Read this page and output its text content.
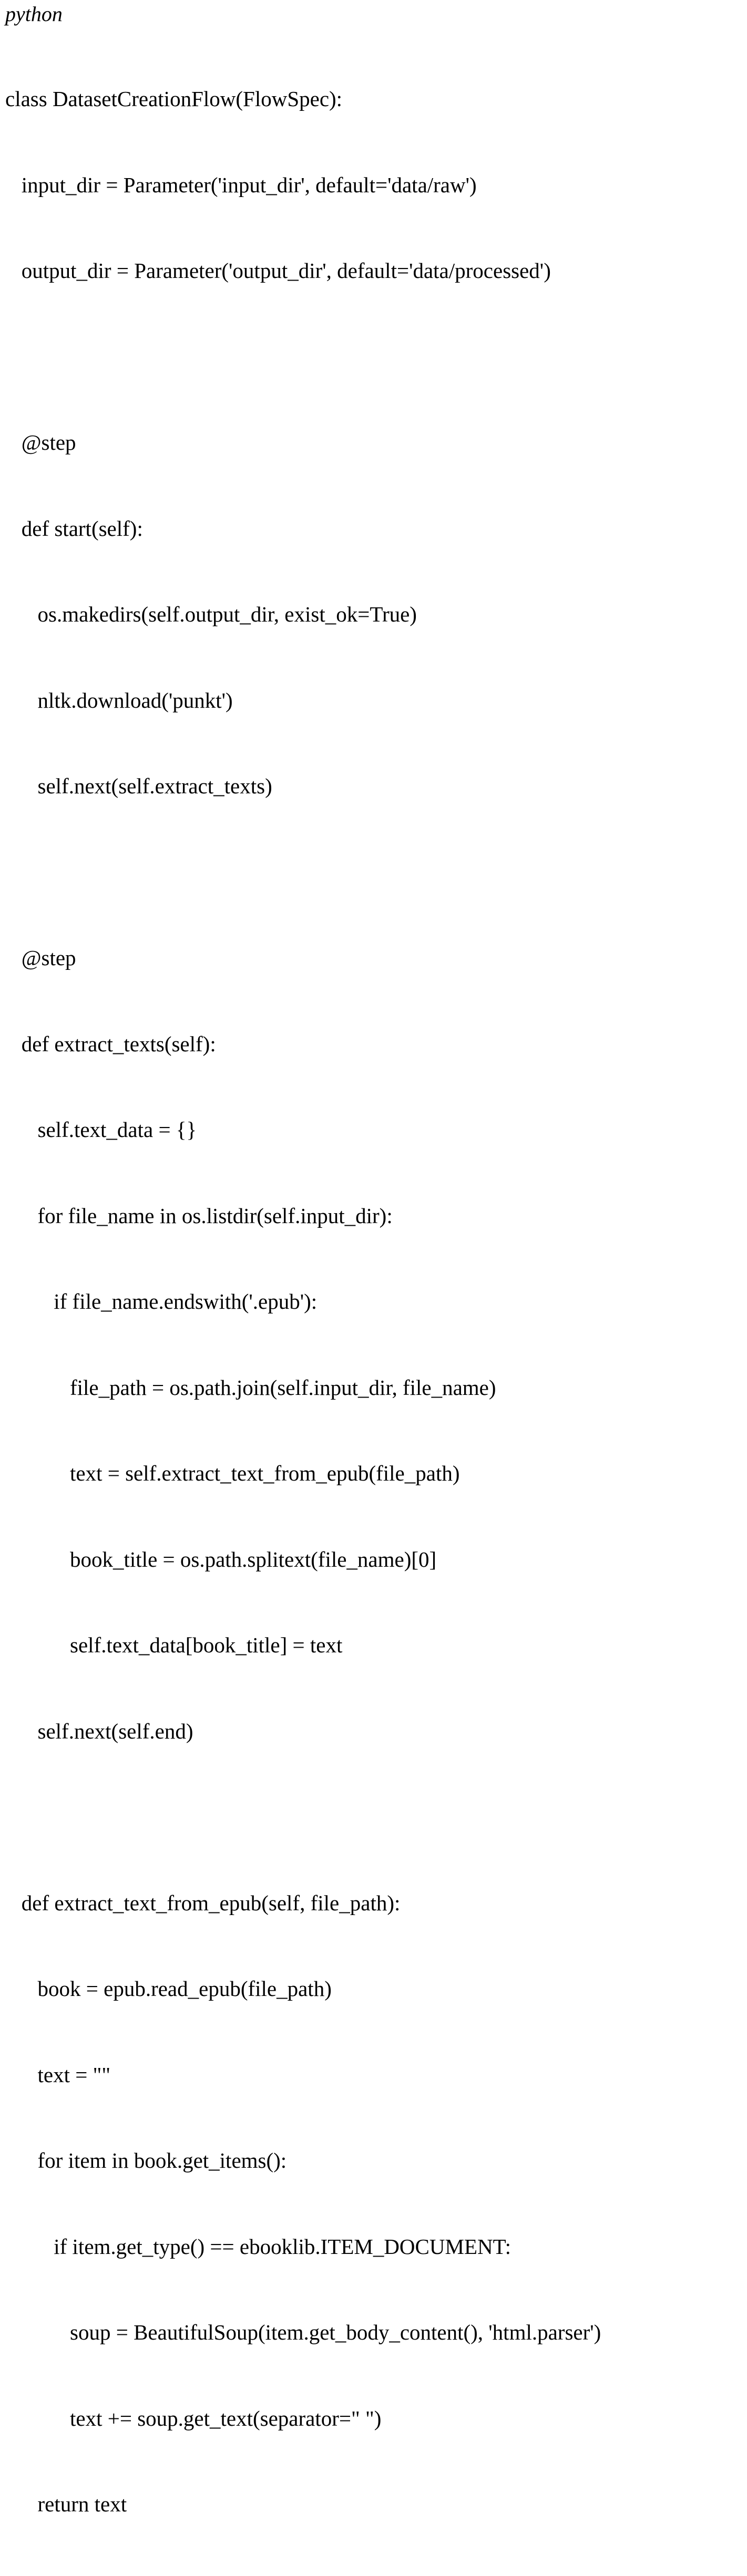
python

class DatasetCreationFlow(FlowSpec):

input_dir = Parameter('input_dir', default='data/raw')

output_dir = Parameter('output_dir', default='data/processed')

@step

def start(self):

os.makedirs(self.output_dir, exist_ok=True)

nltk.download('punkt')

self.next(self.extract_texts)

@step

def extract_texts(self):

self.text_data = {}

for file_name in os.listdir(self.input_dir):

if file_name.endswith('.epub'):

file_path = os.path.join(self.input_dir, file_name)

text = self.extract_text_from_epub(file_path)

book_title = os.path.splitext(file_name)[0]

self.text_data[book_title] = text

self.next(self.end)

def extract_text_from_epub(self, file_path):

book = epub.read_epub(file_path)

text = ""

for item in book.get_items():

if item.get_type() == ebooklib.ITEM_DOCUMENT:

soup = BeautifulSoup(item.get_body_content(), 'html.parser')

text += soup.get_text(separator=" ")

return text
